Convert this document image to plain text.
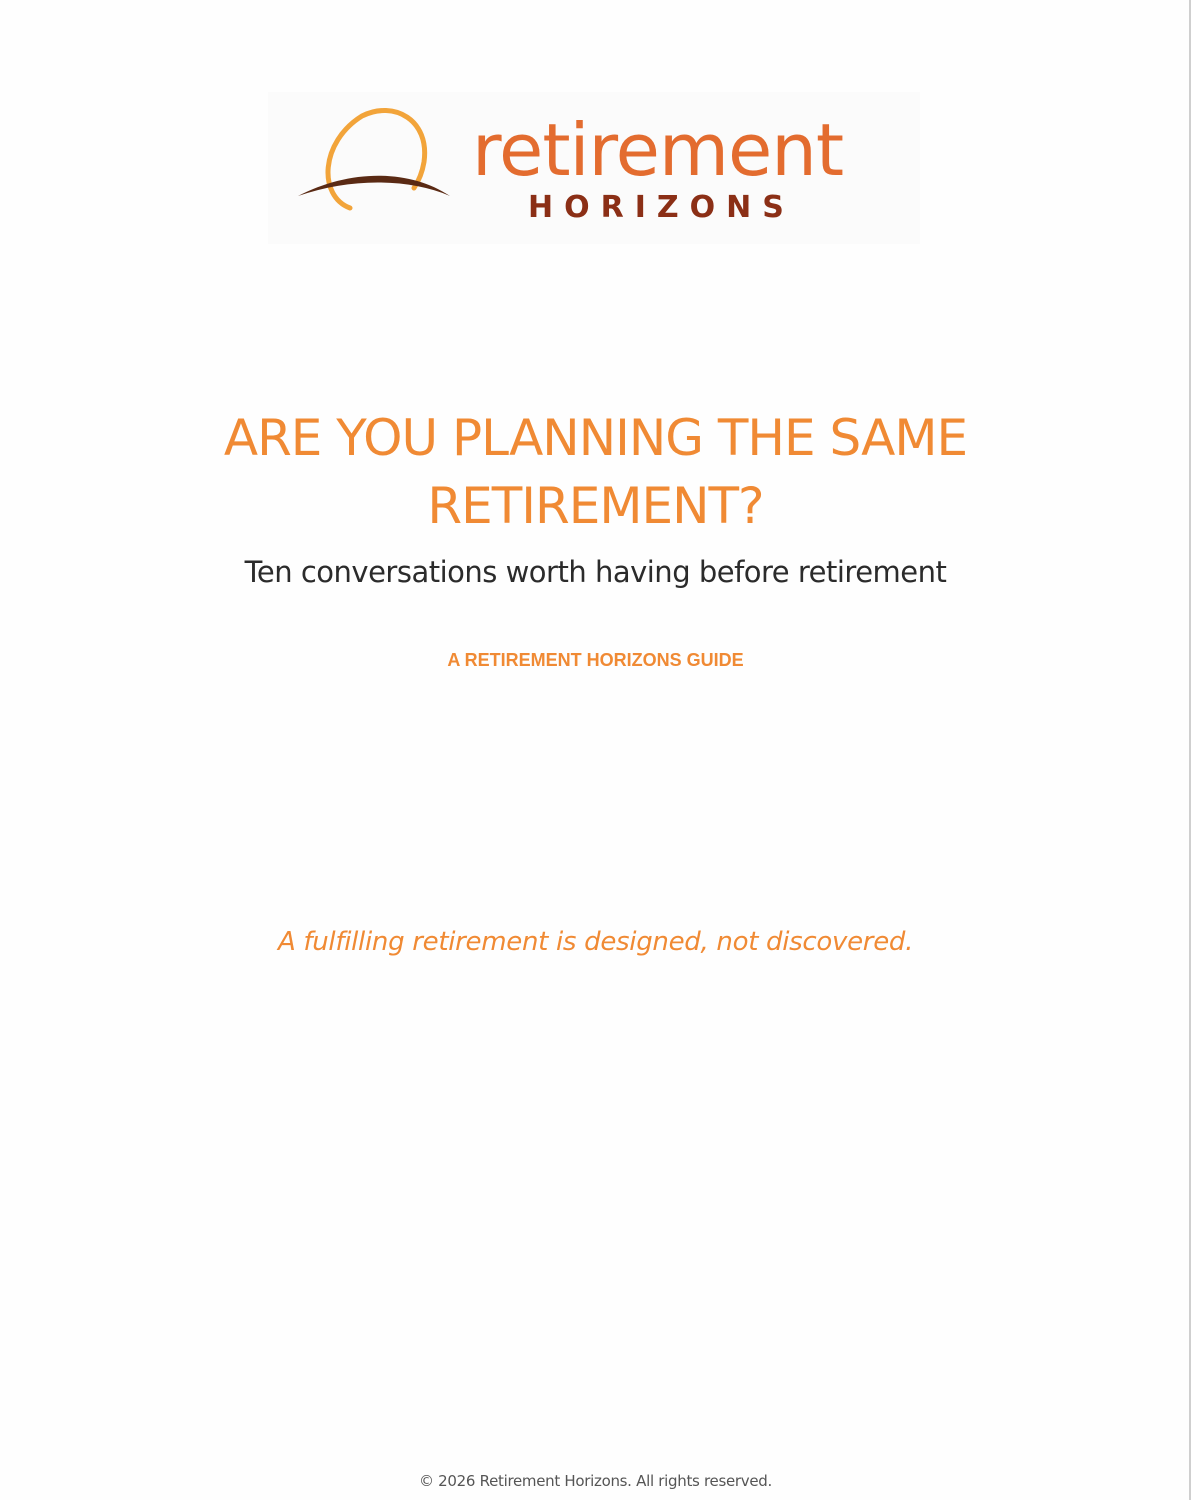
retirement
HORIZONS
ARE YOU PLANNING THE SAME RETIREMENT?
Ten conversations worth having before retirement
A RETIREMENT HORIZONS GUIDE
A fulfilling retirement is designed, not discovered.
© 2026 Retirement Horizons. All rights reserved.
